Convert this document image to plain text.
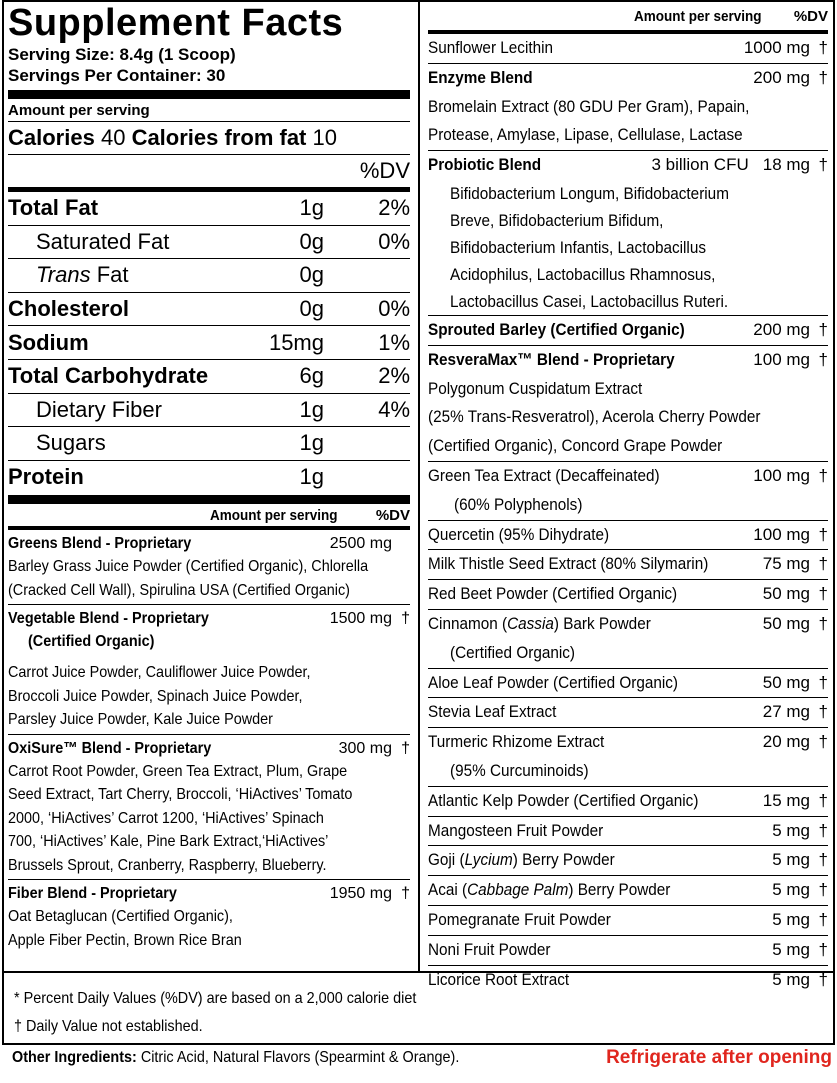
Supplement Facts
Serving Size: 8.4g (1 Scoop)
Servings Per Container: 30
Amount per serving
Calories
40
Calories from fat
10
%DV
Total Fat	1g	2%
Saturated Fat	0g	0%
Trans Fat	0g
Cholesterol	0g	0%
Sodium	15mg	1%
Total Carbohydrate	6g	2%
Dietary Fiber	1g	4%
Sugars	1g
Protein	1g
Amount per serving	%DV
Greens Blend - Proprietary	2500 mg
Barley Grass Juice Powder (Certified Organic), Chlorella
(Cracked Cell Wall), Spirulina USA (Certified Organic)
Vegetable Blend - Proprietary	1500 mg †
(Certified Organic)
Carrot Juice Powder, Cauliflower Juice Powder,
Broccoli Juice Powder, Spinach Juice Powder,
Parsley Juice Powder, Kale Juice Powder
OxiSure™ Blend - Proprietary	300 mg †
Carrot Root Powder, Green Tea Extract, Plum, Grape
Seed Extract, Tart Cherry, Broccoli, ‘HiActives’ Tomato
2000, ‘HiActives’ Carrot 1200, ‘HiActives’ Spinach
700, ‘HiActives’ Kale, Pine Bark Extract,‘HiActives’
Brussels Sprout, Cranberry, Raspberry, Blueberry.
Fiber Blend - Proprietary	1950 mg †
Oat Betaglucan (Certified Organic),
Apple Fiber Pectin, Brown Rice Bran
Amount per serving	%DV
Sunflower Lecithin	1000 mg †
Enzyme Blend	200 mg †
Bromelain Extract (80 GDU Per Gram), Papain,
Protease, Amylase, Lipase, Cellulase, Lactase
Probiotic Blend	3 billion CFU 18 mg †
Bifidobacterium Longum, Bifidobacterium
Breve, Bifidobacterium Bifidum,
Bifidobacterium Infantis, Lactobacillus
Acidophilus, Lactobacillus Rhamnosus,
Lactobacillus Casei, Lactobacillus Ruteri.
Sprouted Barley (Certified Organic)	200 mg †
ResveraMax™ Blend - Proprietary	100 mg †
Polygonum Cuspidatum Extract
(25% Trans-Resveratrol), Acerola Cherry Powder
(Certified Organic), Concord Grape Powder
Green Tea Extract (Decaffeinated)	100 mg †
(60% Polyphenols)
Quercetin (95% Dihydrate)	100 mg †
Milk Thistle Seed Extract (80% Silymarin)	75 mg †
Red Beet Powder (Certified Organic)	50 mg †
Cinnamon (Cassia) Bark Powder	50 mg †
(Certified Organic)
Aloe Leaf Powder (Certified Organic)	50 mg †
Stevia Leaf Extract	27 mg †
Turmeric Rhizome Extract	20 mg †
(95% Curcuminoids)
Atlantic Kelp Powder (Certified Organic)	15 mg †
Mangosteen Fruit Powder	5 mg †
Goji (Lycium) Berry Powder	5 mg †
Acai (Cabbage Palm) Berry Powder	5 mg †
Pomegranate Fruit Powder	5 mg †
Noni Fruit Powder	5 mg †
Licorice Root Extract	5 mg †
* Percent Daily Values (%DV) are based on a 2,000 calorie diet
† Daily Value not established.
Other Ingredients: Citric Acid, Natural Flavors (Spearmint & Orange).	Refrigerate after opening
